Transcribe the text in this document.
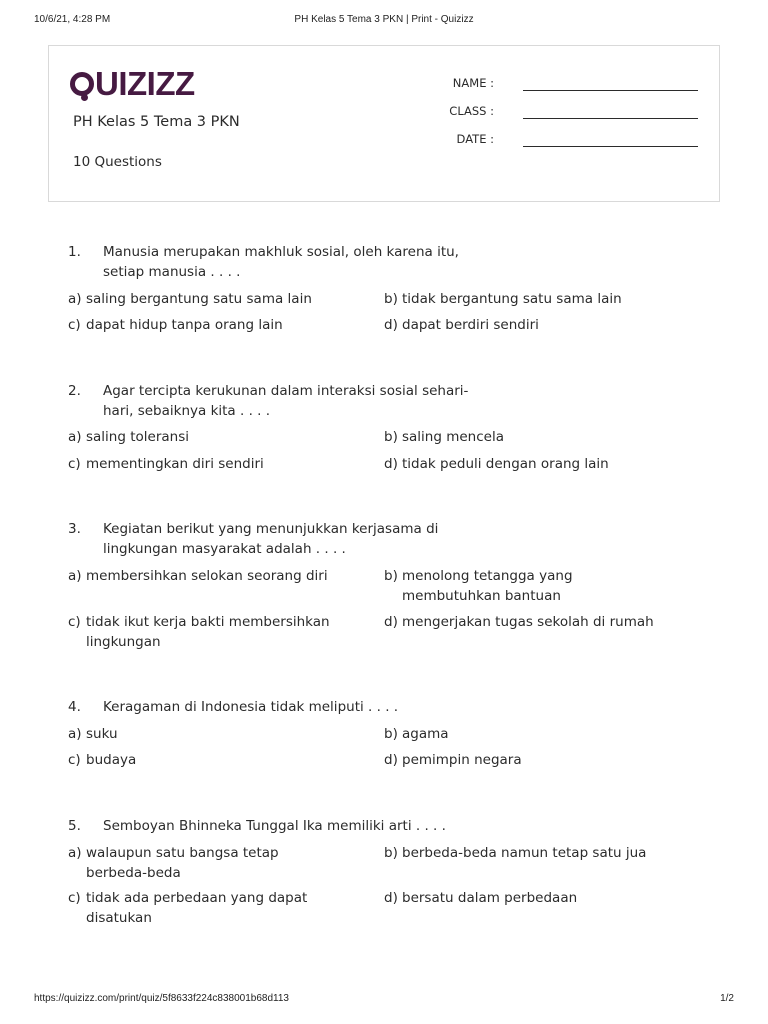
10/6/21, 4:28 PM	PH Kelas 5 Tema 3 PKN | Print - Quizizz
UIZIZZ
PH Kelas 5 Tema 3 PKN
10 Questions
NAME :
CLASS :
DATE :
1. Manusia merupakan makhluk sosial, oleh karena itu,
setiap manusia . . . .
a) saling bergantung satu sama lain	b) tidak bergantung satu sama lain
c) dapat hidup tanpa orang lain	d) dapat berdiri sendiri
2. Agar tercipta kerukunan dalam interaksi sosial sehari-
hari, sebaiknya kita . . . .
a) saling toleransi	b) saling mencela
c) mementingkan diri sendiri	d) tidak peduli dengan orang lain
3. Kegiatan berikut yang menunjukkan kerjasama di
lingkungan masyarakat adalah . . . .
a) membersihkan selokan seorang diri	b) menolong tetangga yang membutuhkan bantuan
c) tidak ikut kerja bakti membersihkan lingkungan
d) mengerjakan tugas sekolah di rumah
4. Keragaman di Indonesia tidak meliputi . . . .
a) suku	b) agama
c) budaya	d) pemimpin negara
5. Semboyan Bhinneka Tunggal Ika memiliki arti . . . .
a) walaupun satu bangsa tetap berbeda-beda
b) berbeda-beda namun tetap satu jua
c) tidak ada perbedaan yang dapat disatukan
d) bersatu dalam perbedaan
https://quizizz.com/print/quiz/5f8633f224c838001b68d113	1/2
